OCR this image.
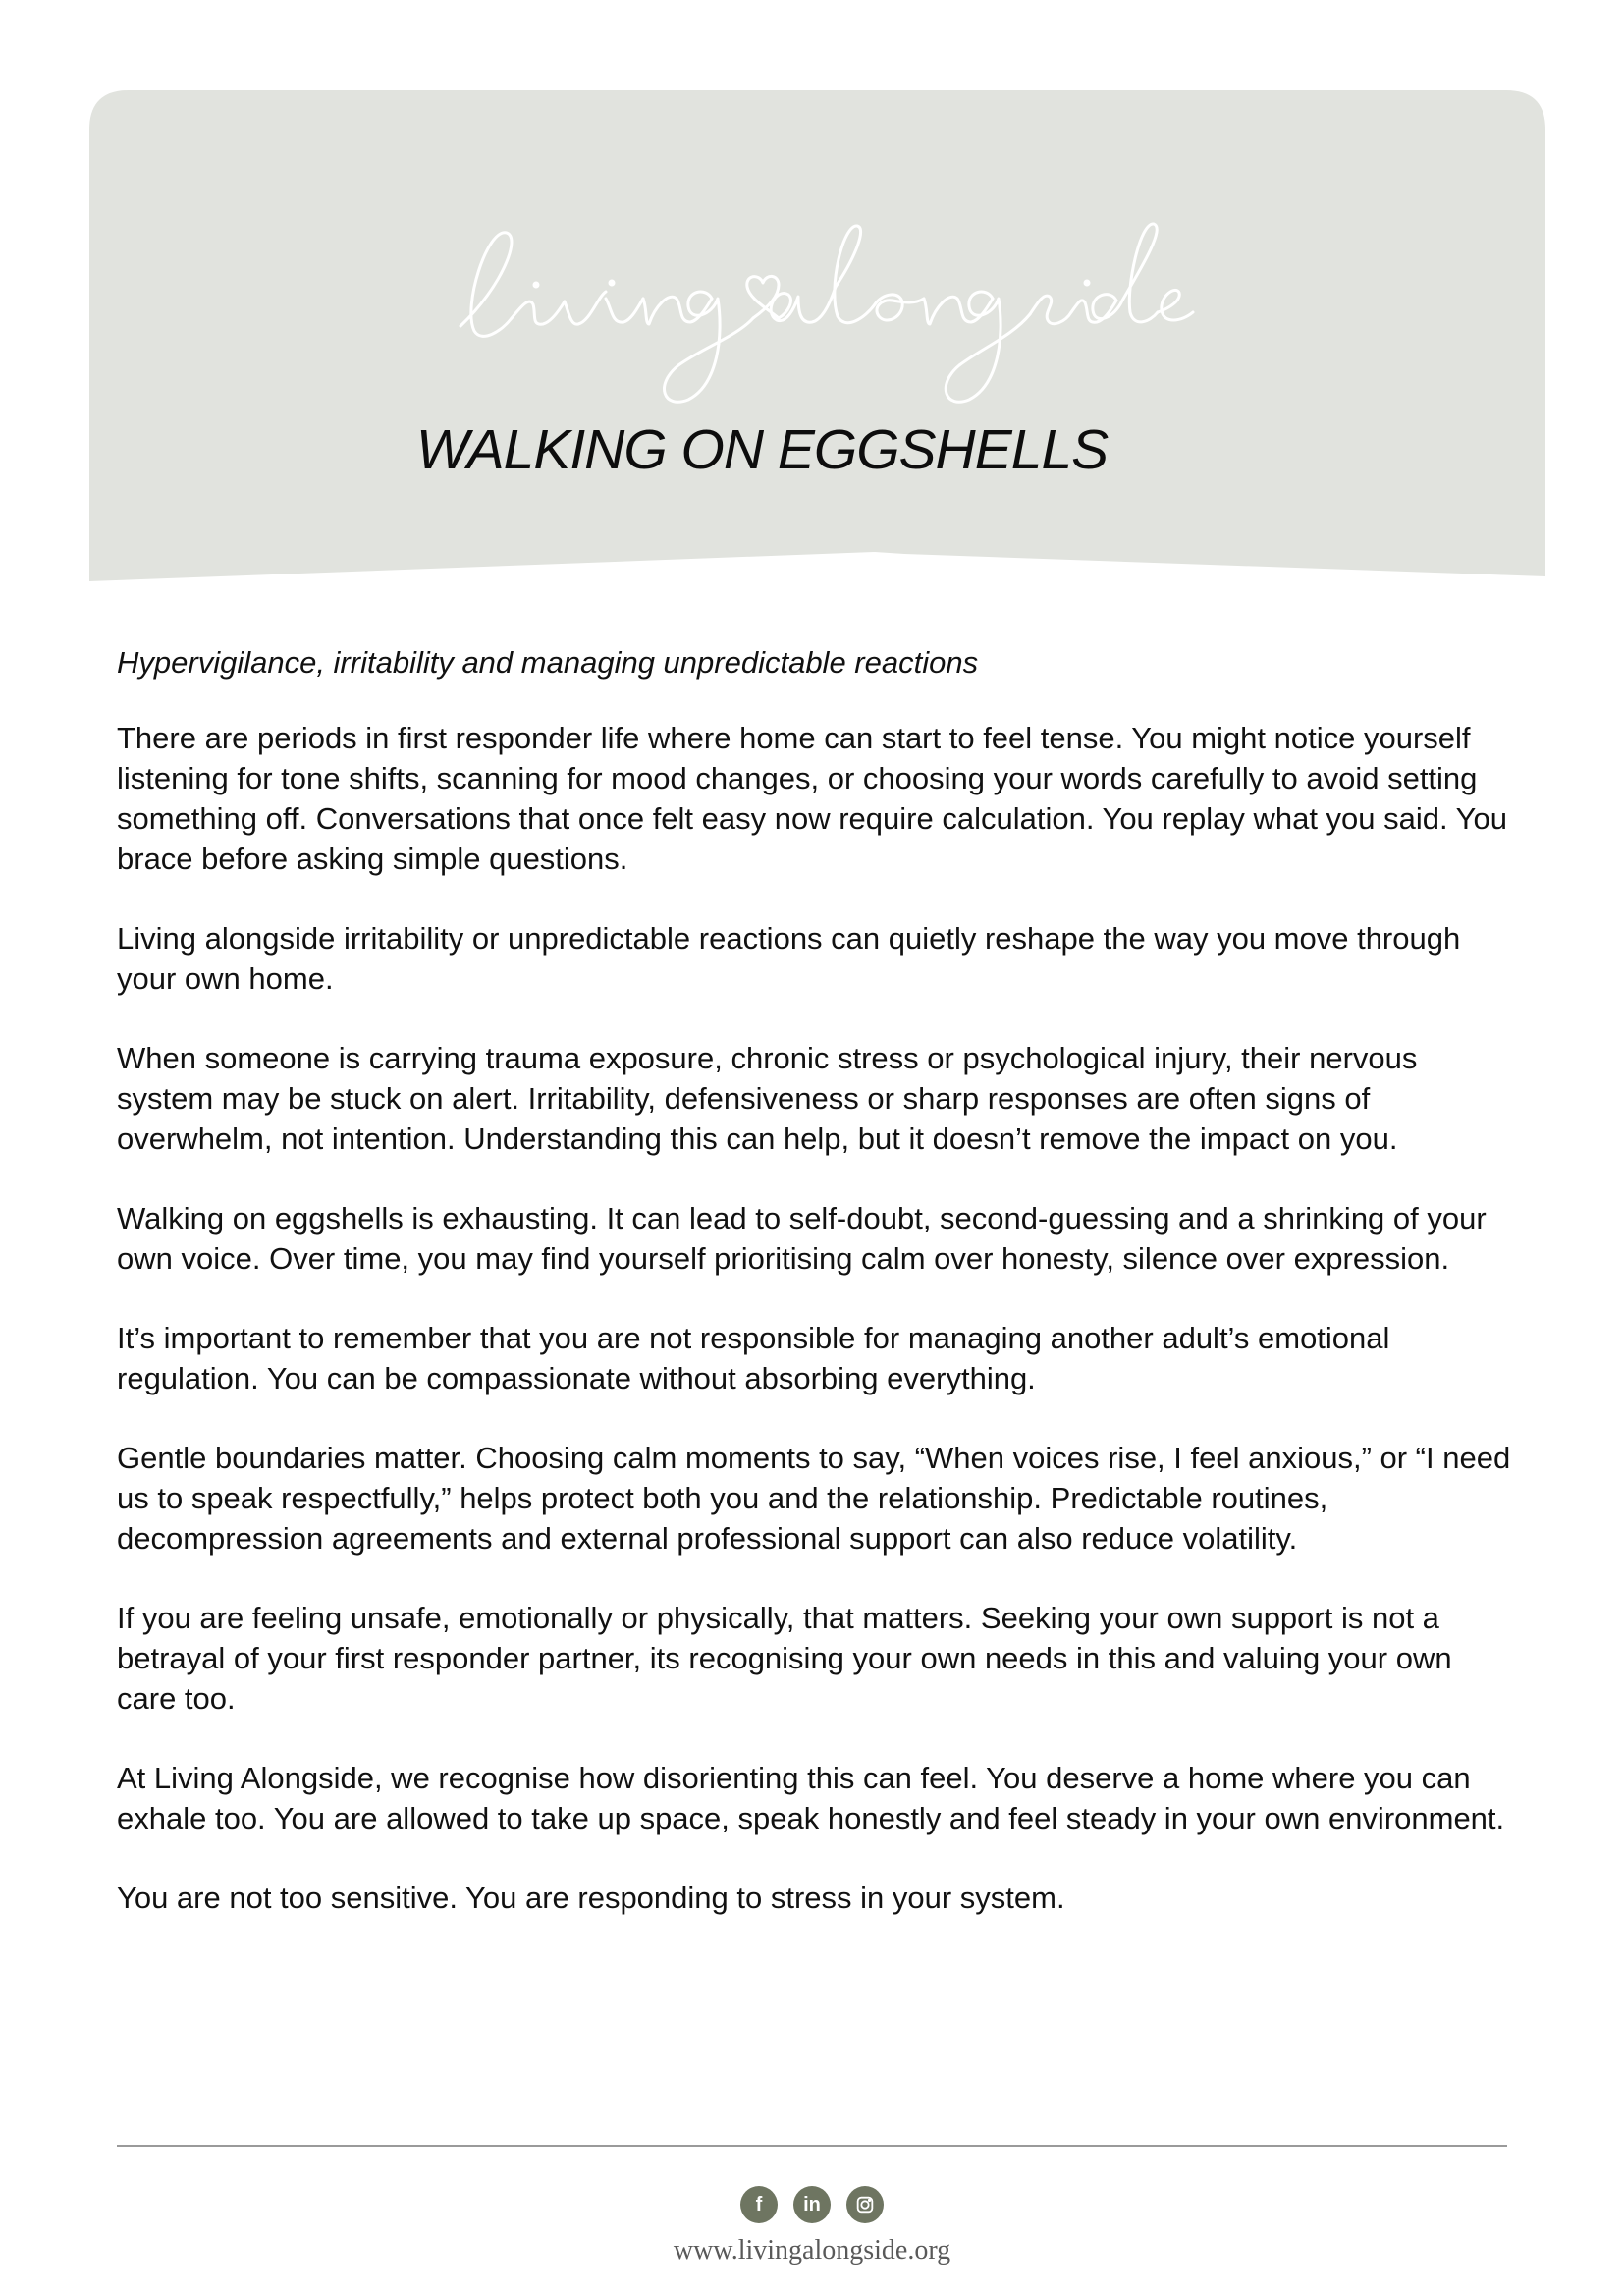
WALKING ON EGGSHELLS

Hypervigilance, irritability and managing unpredictable reactions

There are periods in first responder life where home can start to feel tense. You might notice yourself listening for tone shifts, scanning for mood changes, or choosing your words carefully to avoid setting something off. Conversations that once felt easy now require calculation. You replay what you said. You brace before asking simple questions.

Living alongside irritability or unpredictable reactions can quietly reshape the way you move through your own home.

When someone is carrying trauma exposure, chronic stress or psychological injury, their nervous system may be stuck on alert. Irritability, defensiveness or sharp responses are often signs of overwhelm, not intention. Understanding this can help, but it doesn’t remove the impact on you.

Walking on eggshells is exhausting. It can lead to self-doubt, second-guessing and a shrinking of your own voice. Over time, you may find yourself prioritising calm over honesty, silence over expression.

It’s important to remember that you are not responsible for managing another adult’s emotional regulation. You can be compassionate without absorbing everything.

Gentle boundaries matter. Choosing calm moments to say, “When voices rise, I feel anxious,” or “I need us to speak respectfully,” helps protect both you and the relationship. Predictable routines, decompression agreements and external professional support can also reduce volatility.

If you are feeling unsafe, emotionally or physically, that matters. Seeking your own support is not a betrayal of your first responder partner, its recognising your own needs in this and valuing your own care too.

At Living Alongside, we recognise how disorienting this can feel. You deserve a home where you can exhale too. You are allowed to take up space, speak honestly and feel steady in your own environment.

You are not too sensitive. You are responding to stress in your system.

f	in
www.livingalongside.org
